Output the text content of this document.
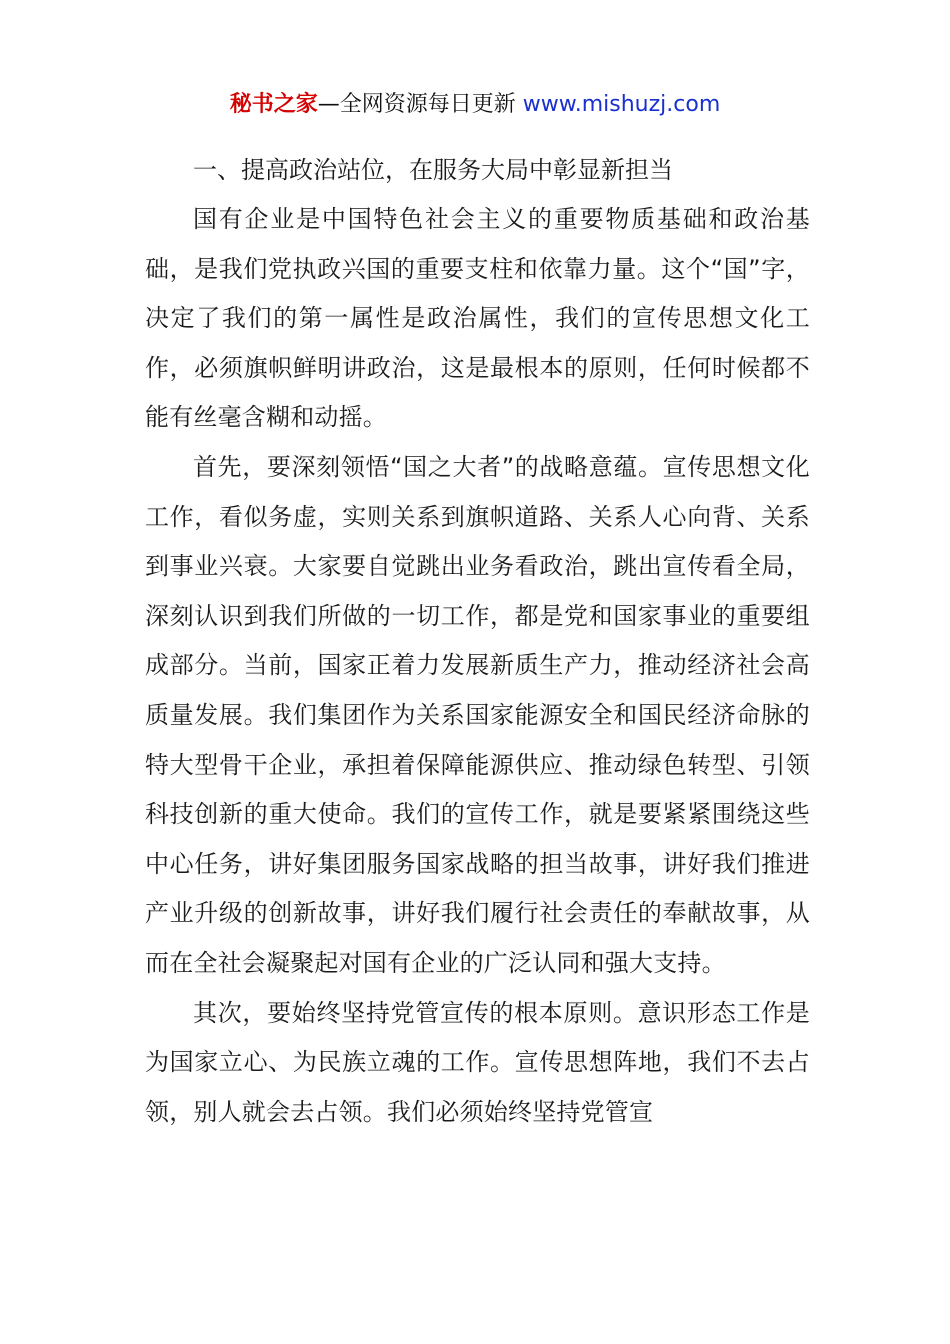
秘书之家—全网资源每日更新 www.mishuzj.com

一、提高政治站位，在服务大局中彰显新担当

国有企业是中国特色社会主义的重要物质基础和政治基础，是我们党执政兴国的重要支柱和依靠力量。这个“国”字，决定了我们的第一属性是政治属性，我们的宣传思想文化工作，必须旗帜鲜明讲政治，这是最根本的原则，任何时候都不能有丝毫含糊和动摇。

首先，要深刻领悟“国之大者”的战略意蕴。宣传思想文化工作，看似务虚，实则关系到旗帜道路、关系人心向背、关系到事业兴衰。大家要自觉跳出业务看政治，跳出宣传看全局，深刻认识到我们所做的一切工作，都是党和国家事业的重要组成部分。当前，国家正着力发展新质生产力，推动经济社会高质量发展。我们集团作为关系国家能源安全和国民经济命脉的特大型骨干企业，承担着保障能源供应、推动绿色转型、引领科技创新的重大使命。我们的宣传工作，就是要紧紧围绕这些中心任务，讲好集团服务国家战略的担当故事，讲好我们推进产业升级的创新故事，讲好我们履行社会责任的奉献故事，从而在全社会凝聚起对国有企业的广泛认同和强大支持。

其次，要始终坚持党管宣传的根本原则。意识形态工作是为国家立心、为民族立魂的工作。宣传思想阵地，我们不去占领，别人就会去占领。我们必须始终坚持党管宣
